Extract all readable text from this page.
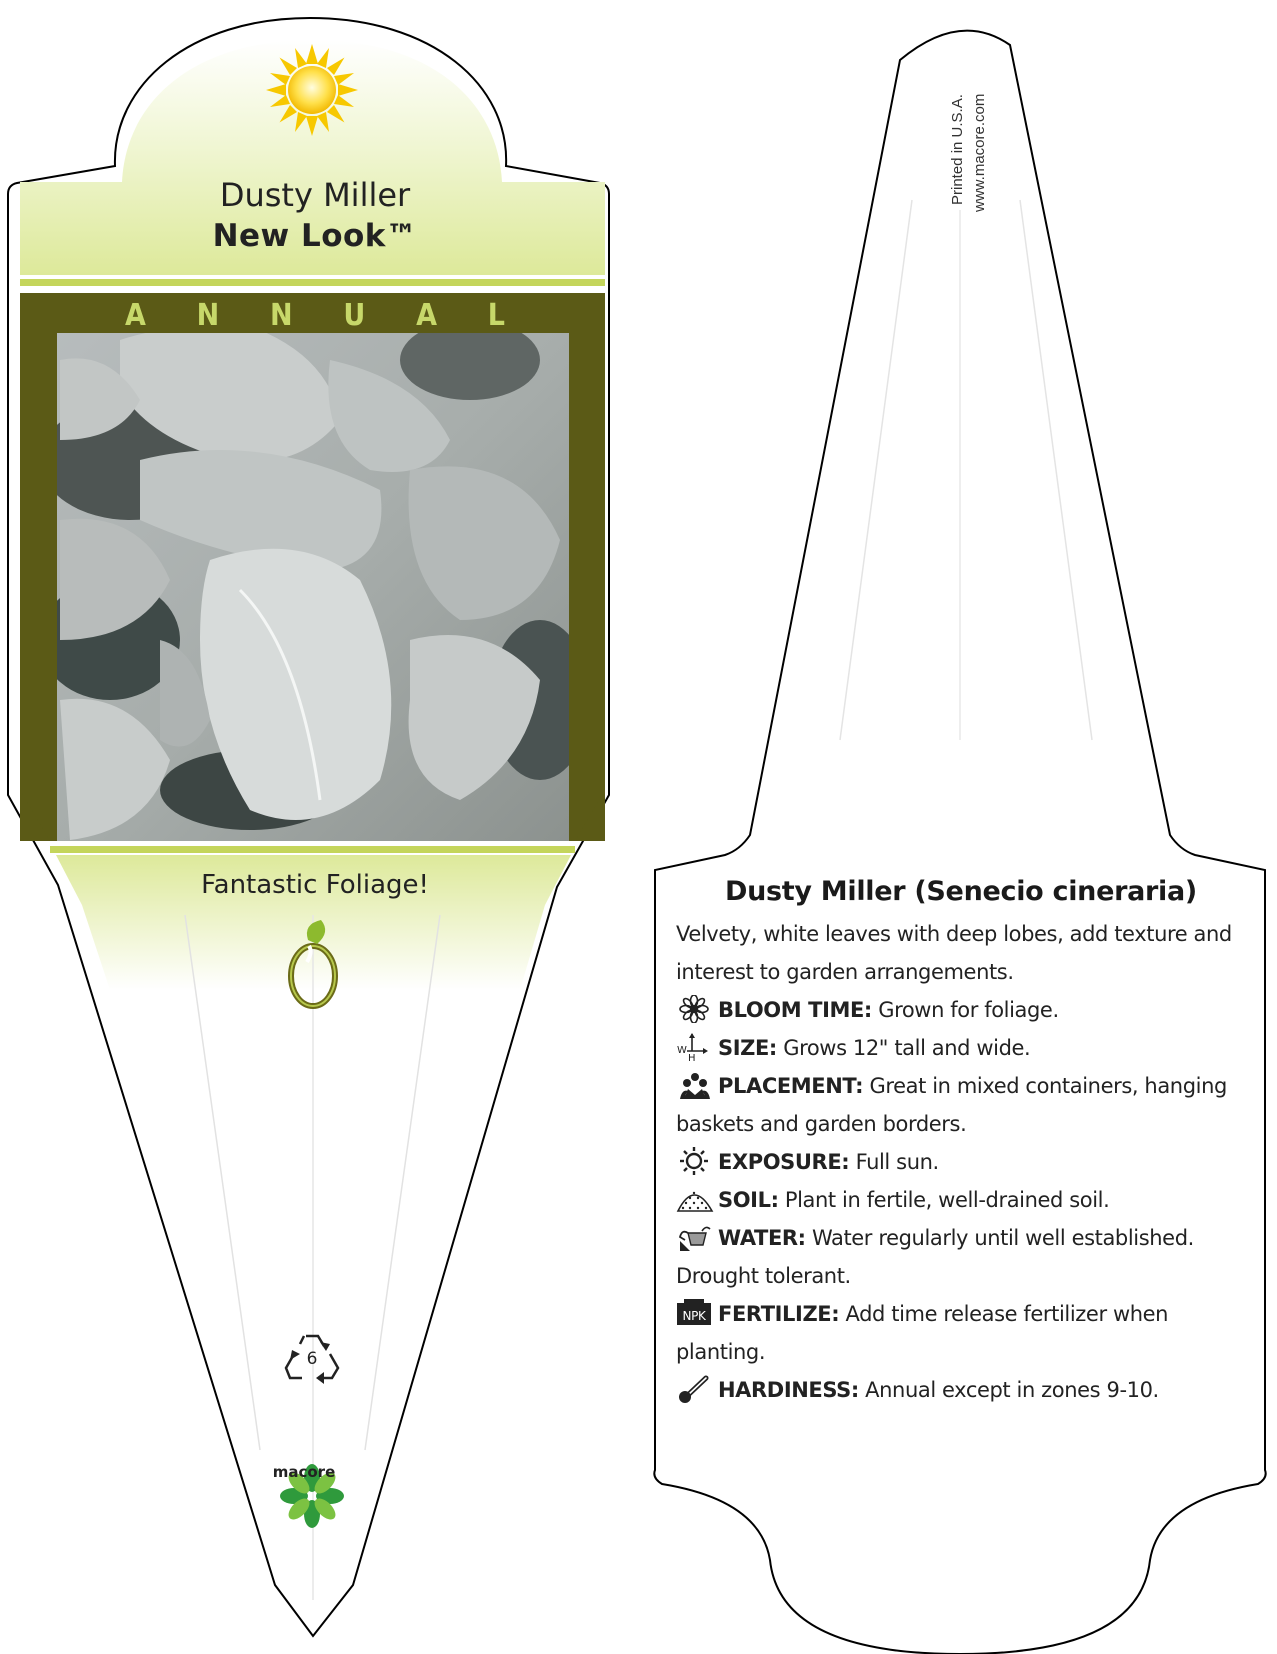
Dusty Miller
New Look™
A N N U A L
Fantastic Foliage!
6
macore
Printed in U.S.A. www.macore.com
Dusty Miller (Senecio cineraria)

Velvety, white leaves with deep lobes, add texture and interest to garden arrangements.

BLOOM TIME: Grown for foliage.
W
H SIZE: Grows 12" tall and wide.
PLACEMENT: Great in mixed containers, hanging baskets and garden borders.
EXPOSURE: Full sun.
SOIL: Plant in fertile, well-drained soil.
WATER: Water regularly until well established. Drought tolerant.
NPK FERTILIZE: Add time release fertilizer when planting.
HARDINESS: Annual except in zones 9-10.
